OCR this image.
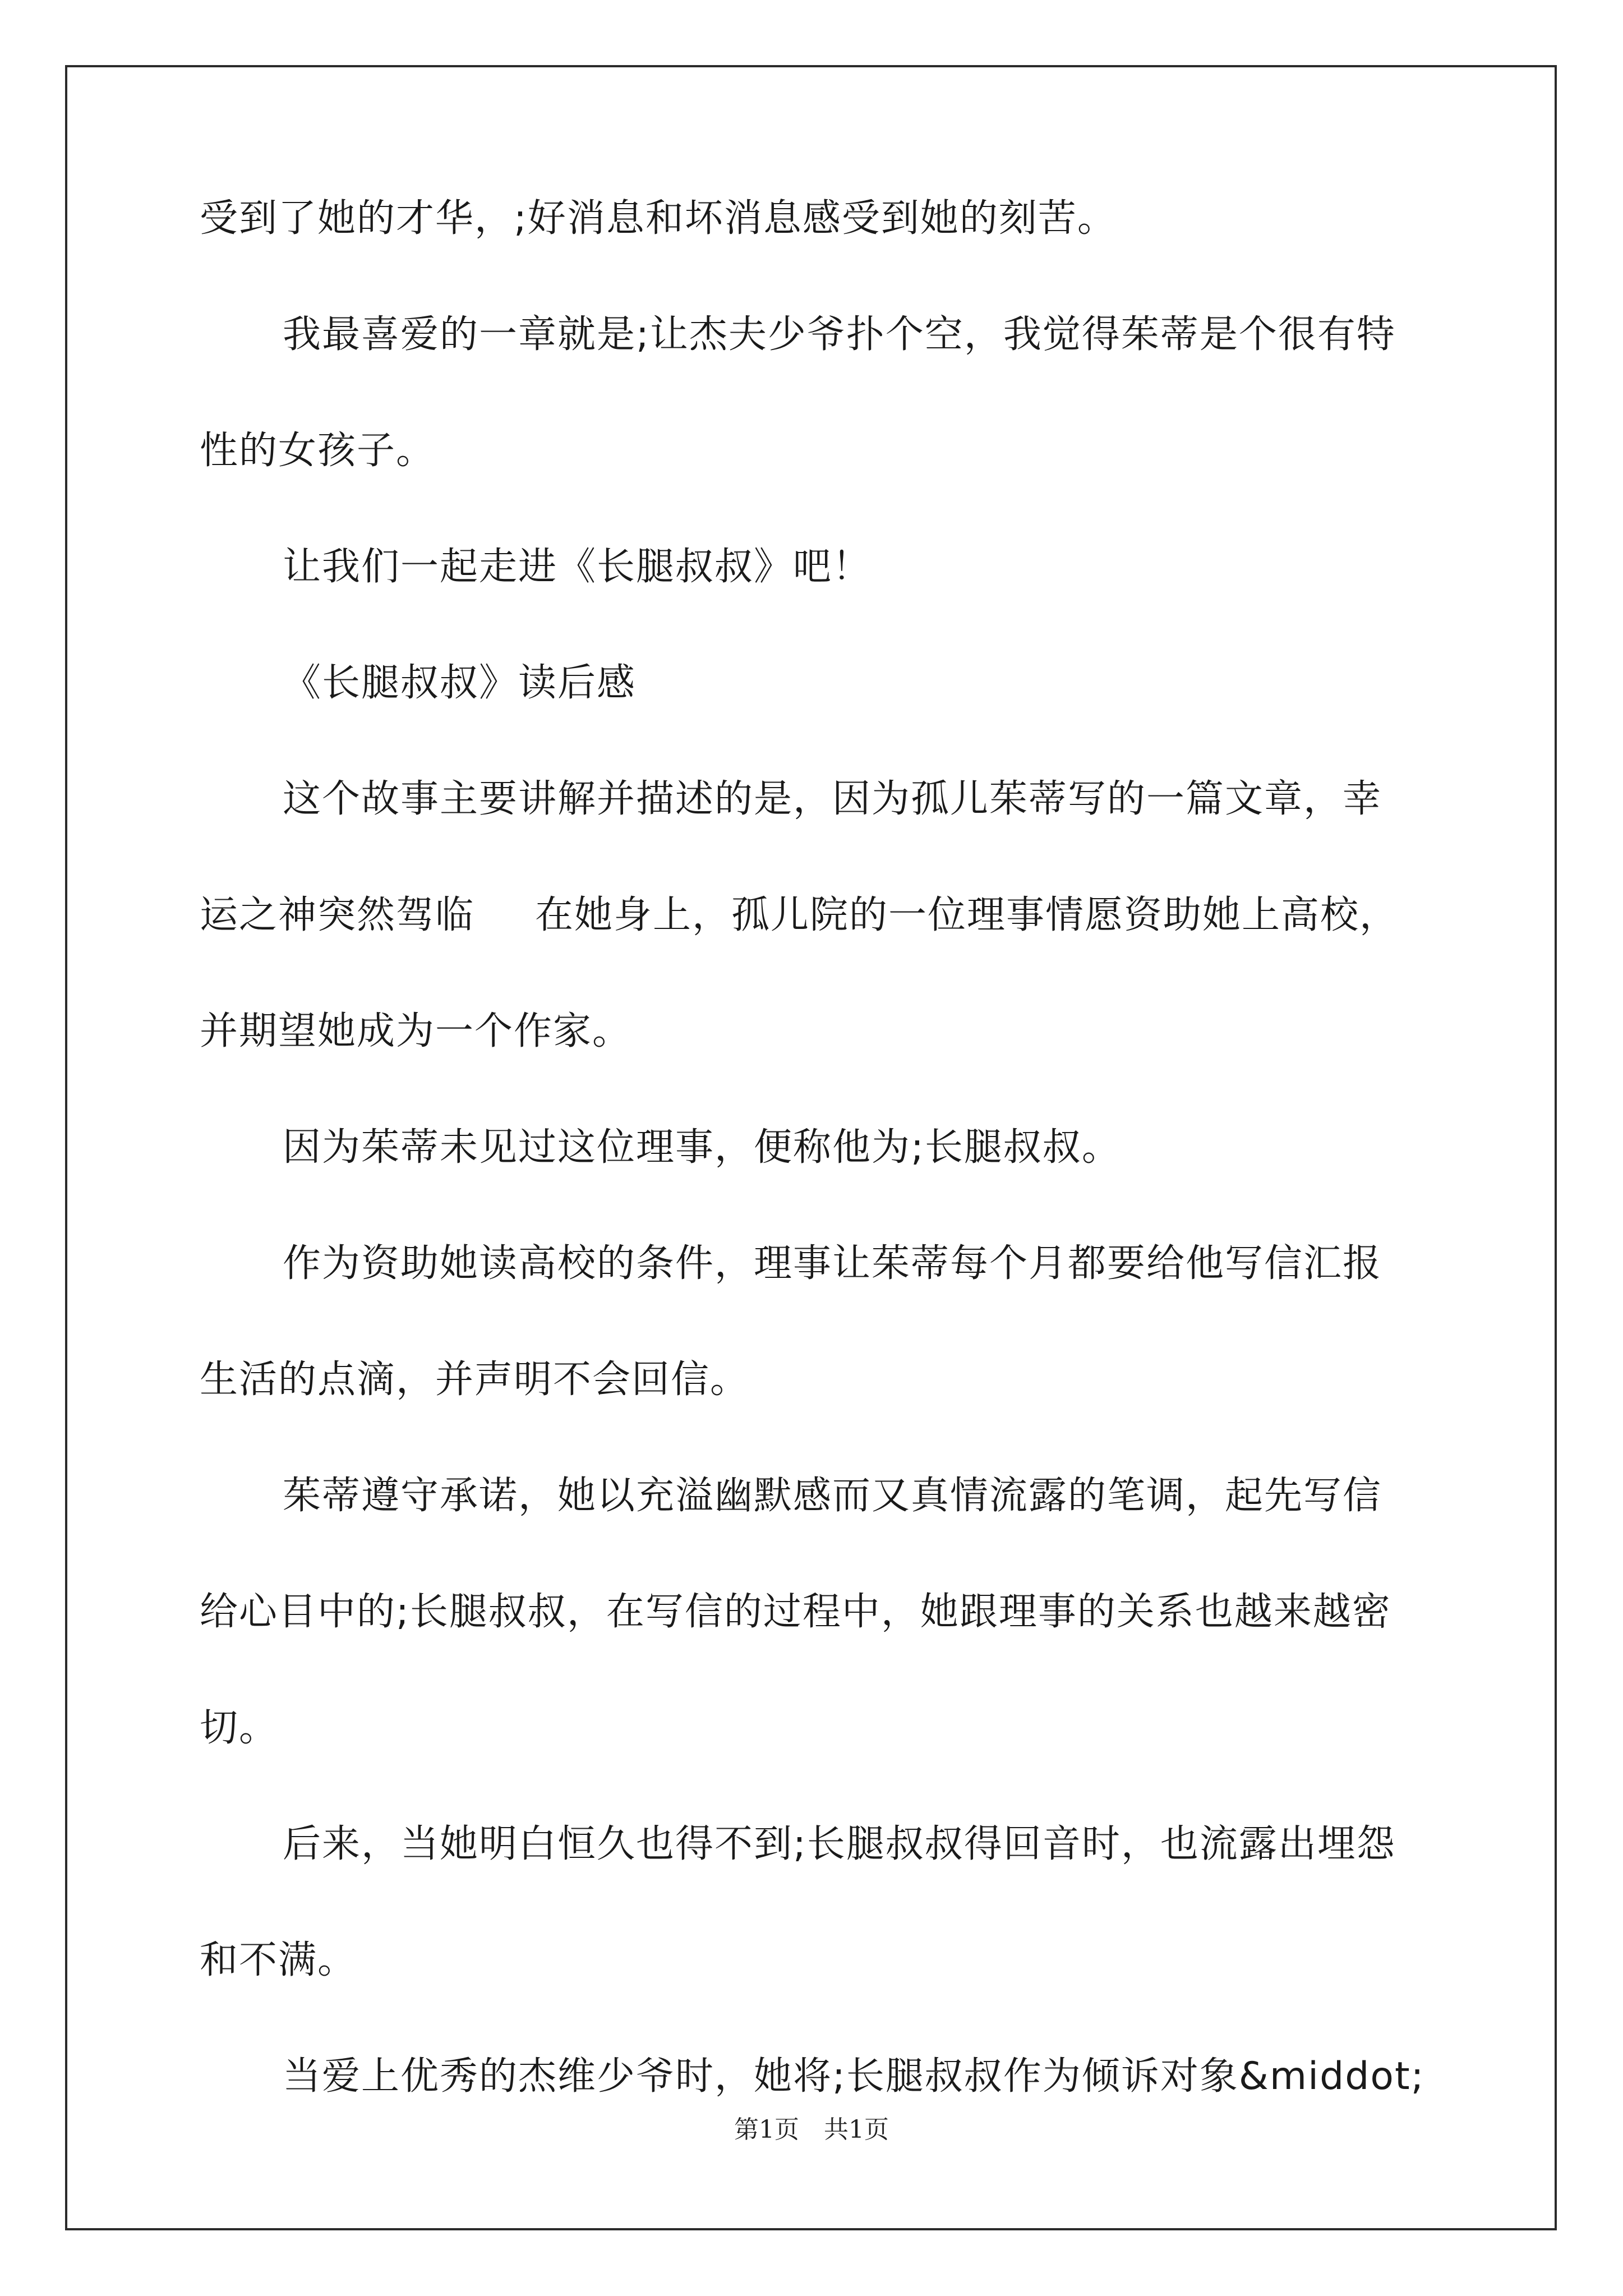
受到了她的才华，;好消息和坏消息感受到她的刻苦。
我最喜爱的一章就是;让杰夫少爷扑个空，我觉得茱蒂是个很有特
性的女孩子。
让我们一起走进《长腿叔叔》吧！
《长腿叔叔》读后感
这个故事主要讲解并描述的是，因为孤儿茱蒂写的一篇文章，幸
运之神突然驾临 在她身上，孤儿院的一位理事情愿资助她上高校，
并期望她成为一个作家。
因为茱蒂未见过这位理事，便称他为;长腿叔叔。
作为资助她读高校的条件，理事让茱蒂每个月都要给他写信汇报
生活的点滴，并声明不会回信。
茱蒂遵守承诺，她以充溢幽默感而又真情流露的笔调，起先写信
给心目中的;长腿叔叔，在写信的过程中，她跟理事的关系也越来越密
切。
后来，当她明白恒久也得不到;长腿叔叔得回音时，也流露出埋怨
和不满。
当爱上优秀的杰维少爷时，她将;长腿叔叔作为倾诉对象&middot;
第1页 共1页
